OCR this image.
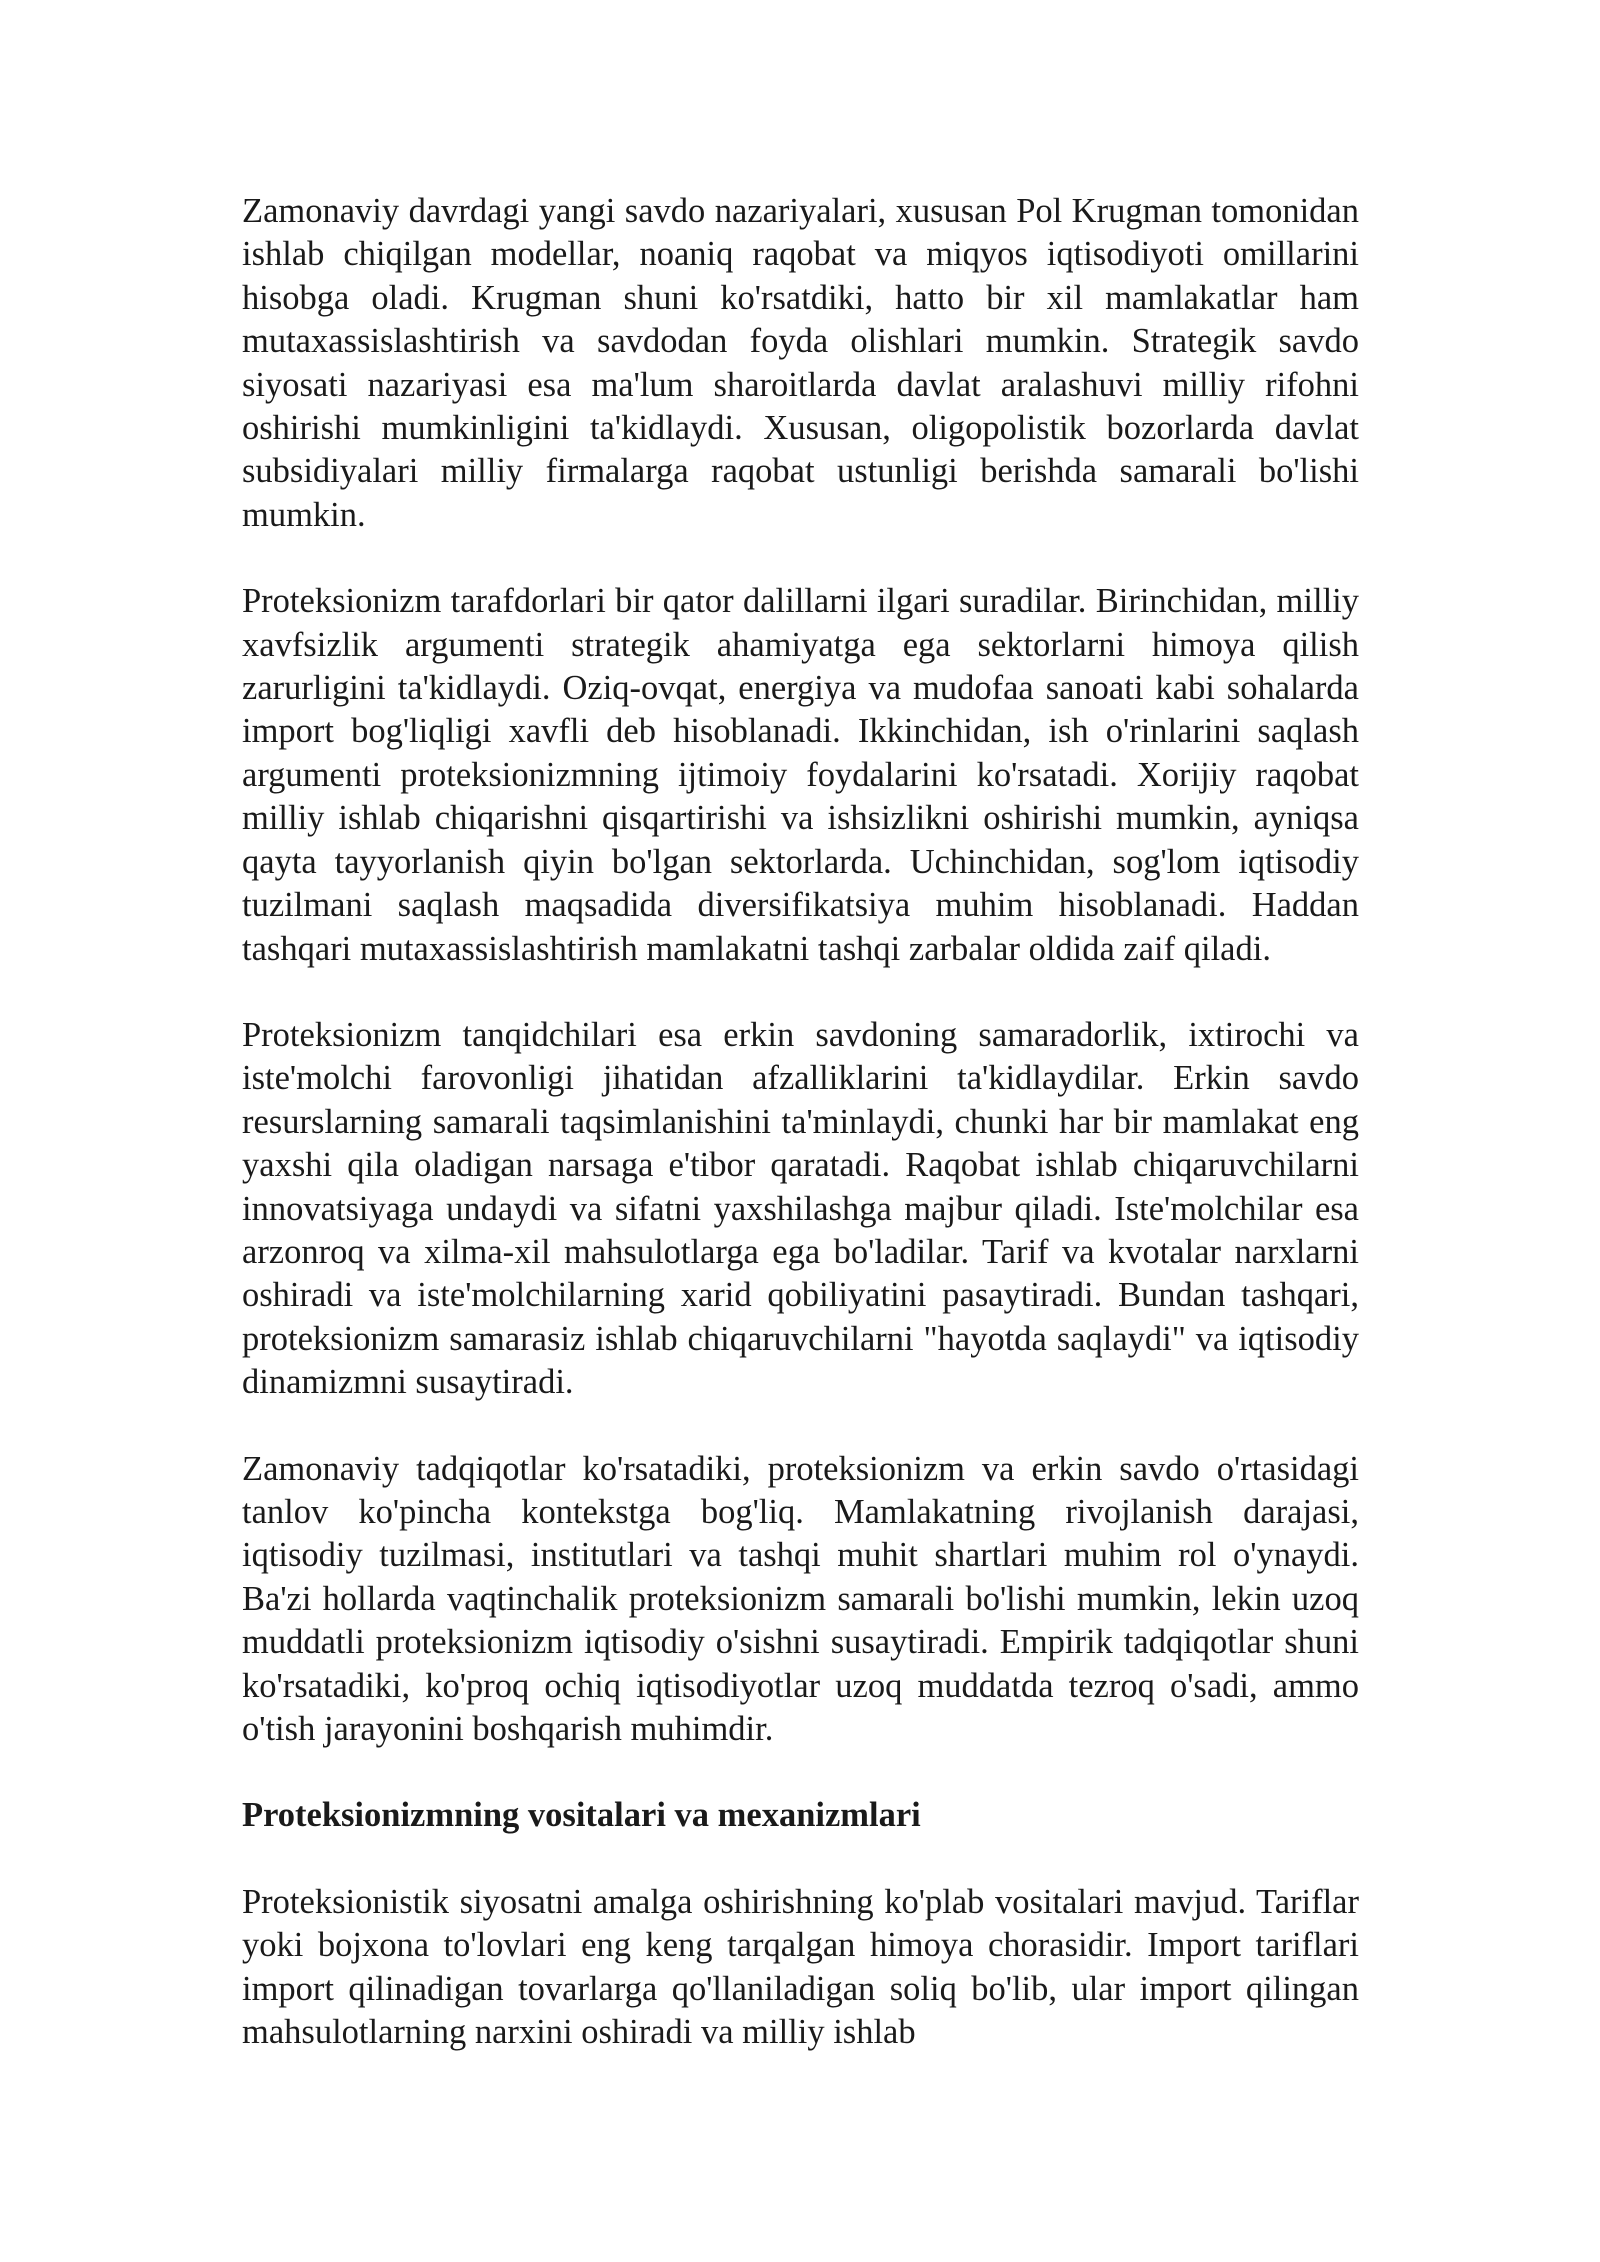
Zamonaviy davrdagi yangi savdo nazariyalari, xususan Pol Krugman tomonidan ishlab chiqilgan modellar, noaniq raqobat va miqyos iqtisodiyoti omillarini hisobga oladi. Krugman shuni ko'rsatdiki, hatto bir xil mamlakatlar ham mutaxassislashtirish va savdodan foyda olishlari mumkin. Strategik savdo siyosati nazariyasi esa ma'lum sharoitlarda davlat aralashuvi milliy rifohni oshirishi mumkinligini ta'kidlaydi. Xususan, oligopolistik bozorlarda davlat subsidiyalari milliy firmalarga raqobat ustunligi berishda samarali bo'lishi mumkin.

Proteksionizm tarafdorlari bir qator dalillarni ilgari suradilar. Birinchidan, milliy xavfsizlik argumenti strategik ahamiyatga ega sektorlarni himoya qilish zarurligini ta'kidlaydi. Oziq-ovqat, energiya va mudofaa sanoati kabi sohalarda import bog'liqligi xavfli deb hisoblanadi. Ikkinchidan, ish o'rinlarini saqlash argumenti proteksionizmning ijtimoiy foydalarini ko'rsatadi. Xorijiy raqobat milliy ishlab chiqarishni qisqartirishi va ishsizlikni oshirishi mumkin, ayniqsa qayta tayyorlanish qiyin bo'lgan sektorlarda. Uchinchidan, sog'lom iqtisodiy tuzilmani saqlash maqsadida diversifikatsiya muhim hisoblanadi. Haddan tashqari mutaxassislashtirish mamlakatni tashqi zarbalar oldida zaif qiladi.

Proteksionizm tanqidchilari esa erkin savdoning samaradorlik, ixtirochi va iste'molchi farovonligi jihatidan afzalliklarini ta'kidlaydilar. Erkin savdo resurslarning samarali taqsimlanishini ta'minlaydi, chunki har bir mamlakat eng yaxshi qila oladigan narsaga e'tibor qaratadi. Raqobat ishlab chiqaruvchilarni innovatsiyaga undaydi va sifatni yaxshilashga majbur qiladi. Iste'molchilar esa arzonroq va xilma-xil mahsulotlarga ega bo'ladilar. Tarif va kvotalar narxlarni oshiradi va iste'molchilarning xarid qobiliyatini pasaytiradi. Bundan tashqari, proteksionizm samarasiz ishlab chiqaruvchilarni "hayotda saqlaydi" va iqtisodiy dinamizmni susaytiradi.

Zamonaviy tadqiqotlar ko'rsatadiki, proteksionizm va erkin savdo o'rtasidagi tanlov ko'pincha kontekstga bog'liq. Mamlakatning rivojlanish darajasi, iqtisodiy tuzilmasi, institutlari va tashqi muhit shartlari muhim rol o'ynaydi. Ba'zi hollarda vaqtinchalik proteksionizm samarali bo'lishi mumkin, lekin uzoq muddatli proteksionizm iqtisodiy o'sishni susaytiradi. Empirik tadqiqotlar shuni ko'rsatadiki, ko'proq ochiq iqtisodiyotlar uzoq muddatda tezroq o'sadi, ammo o'tish jarayonini boshqarish muhimdir.

Proteksionizmning vositalari va mexanizmlari

Proteksionistik siyosatni amalga oshirishning ko'plab vositalari mavjud. Tariflar yoki bojxona to'lovlari eng keng tarqalgan himoya chorasidir. Import tariflari import qilinadigan tovarlarga qo'llaniladigan soliq bo'lib, ular import qilingan mahsulotlarning narxini oshiradi va milliy ishlab
